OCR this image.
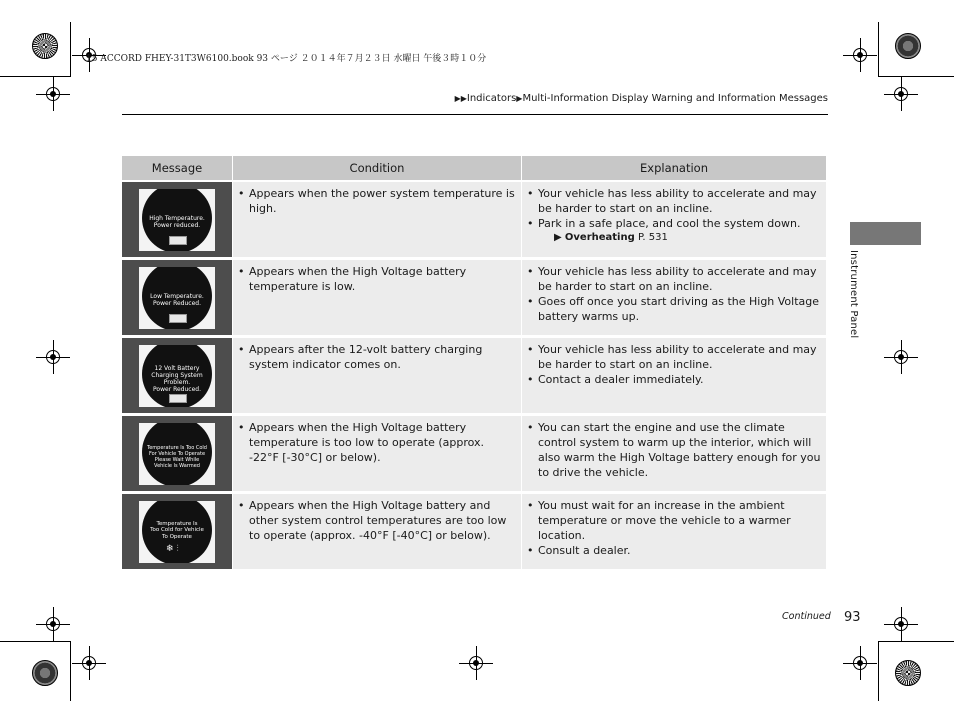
15 ACCORD FHEY-31T3W6100.book 93 ページ ２０１４年７月２３日 水曜日 午後３時１０分
▶▶Indicators▶Multi-Information Display Warning and Information Messages
Instrument Panel
Message	Condition	Explanation
High Temperature.
Power reduced.
• Appears when the power system temperature is high.
• Your vehicle has less ability to accelerate and may be harder to start on an incline.
• Park in a safe place, and cool the system down.
▶ Overheating P. 531
Low Temperature.
Power Reduced.
• Appears when the High Voltage battery temperature is low.
• Your vehicle has less ability to accelerate and may be harder to start on an incline.
• Goes off once you start driving as the High Voltage battery warms up.
12 Volt Battery
Charging System
Problem.
Power Reduced.
• Appears after the 12-volt battery charging system indicator comes on.
• Your vehicle has less ability to accelerate and may be harder to start on an incline.
• Contact a dealer immediately.
Temperature Is Too Cold
For Vehicle To Operate
Please Wait While
Vehicle Is Warmed
• Appears when the High Voltage battery temperature is too low to operate (approx. -22°F [-30°C] or below).
• You can start the engine and use the climate control system to warm up the interior, which will also warm the High Voltage battery enough for you to drive the vehicle.
Temperature Is
Too Cold for Vehicle
To Operate
❄ ⫶
• Appears when the High Voltage battery and other system control temperatures are too low to operate (approx. -40°F [-40°C] or below).
• You must wait for an increase in the ambient temperature or move the vehicle to a warmer location.
• Consult a dealer.
Continued 93
